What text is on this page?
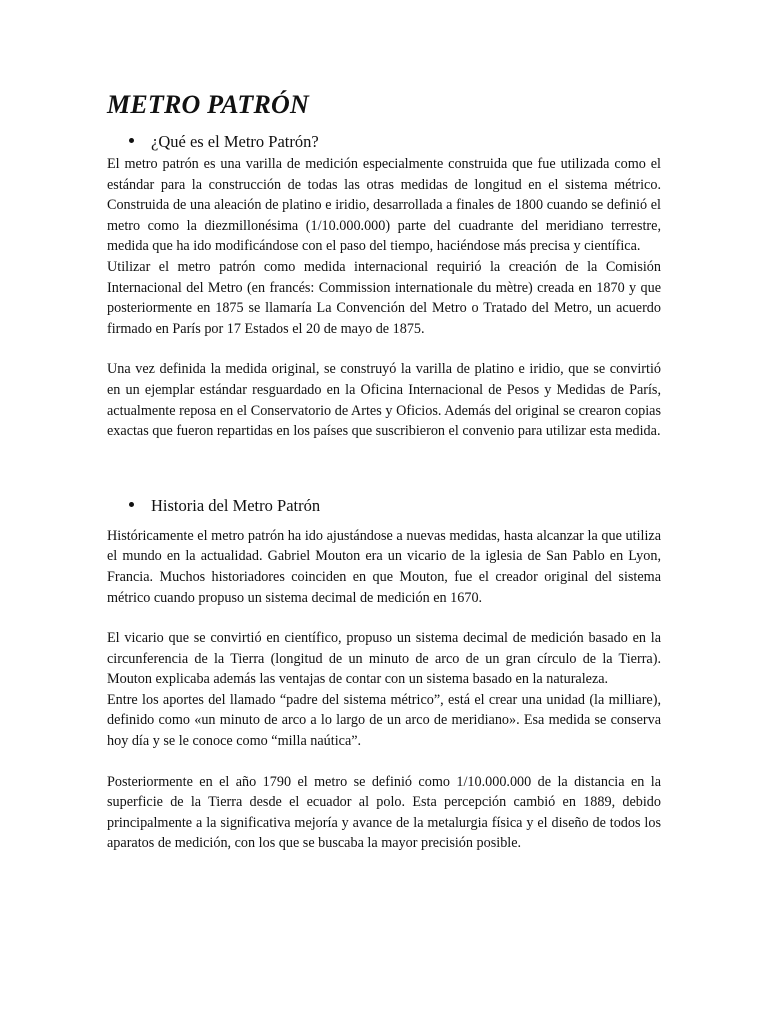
METRO PATRÓN
¿Qué es el Metro Patrón?

El metro patrón es una varilla de medición especialmente construida que fue utilizada como el estándar para la construcción de todas las otras medidas de longitud en el sistema métrico. Construida de una aleación de platino e iridio, desarrollada a finales de 1800 cuando se definió el metro como la diezmillonésima (1/10.000.000) parte del cuadrante del meridiano terrestre, medida que ha ido modificándose con el paso del tiempo, haciéndose más precisa y científica.

Utilizar el metro patrón como medida internacional requirió la creación de la Comisión Internacional del Metro (en francés: Commission internationale du mètre) creada en 1870 y que posteriormente en 1875 se llamaría La Convención del Metro o Tratado del Metro, un acuerdo firmado en París por 17 Estados el 20 de mayo de 1875.

Una vez definida la medida original, se construyó la varilla de platino e iridio, que se convirtió en un ejemplar estándar resguardado en la Oficina Internacional de Pesos y Medidas de París, actualmente reposa en el Conservatorio de Artes y Oficios. Además del original se crearon copias exactas que fueron repartidas en los países que suscribieron el convenio para utilizar esta medida.

Historia del Metro Patrón

Históricamente el metro patrón ha ido ajustándose a nuevas medidas, hasta alcanzar la que utiliza el mundo en la actualidad. Gabriel Mouton era un vicario de la iglesia de San Pablo en Lyon, Francia. Muchos historiadores coinciden en que Mouton, fue el creador original del sistema métrico cuando propuso un sistema decimal de medición en 1670.

El vicario que se convirtió en científico, propuso un sistema decimal de medición basado en la circunferencia de la Tierra (longitud de un minuto de arco de un gran círculo de la Tierra). Mouton explicaba además las ventajas de contar con un sistema basado en la naturaleza.

Entre los aportes del llamado “padre del sistema métrico”, está el crear una unidad (la milliare), definido como «un minuto de arco a lo largo de un arco de meridiano». Esa medida se conserva hoy día y se le conoce como “milla naútica”.

Posteriormente en el año 1790 el metro se definió como 1/10.000.000 de la distancia en la superficie de la Tierra desde el ecuador al polo. Esta percepción cambió en 1889, debido principalmente a la significativa mejoría y avance de la metalurgia física y el diseño de todos los aparatos de medición, con los que se buscaba la mayor precisión posible.
